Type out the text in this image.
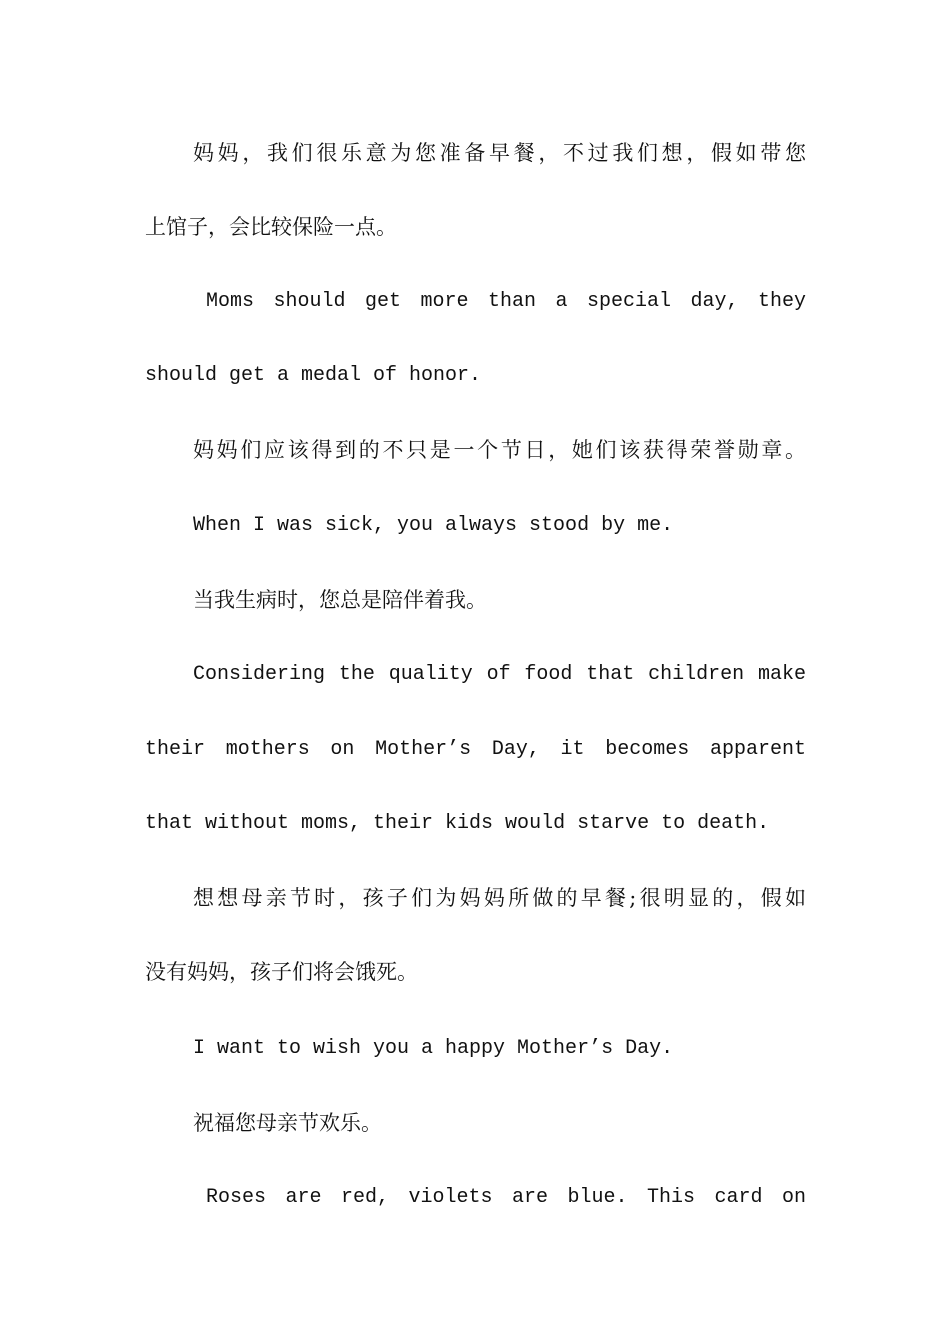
妈妈，我们很乐意为您准备早餐，不过我们想，假如带您
上馆子，会比较保险一点。
Moms should get more than a special day, they
should get a medal of honor.
妈妈们应该得到的不只是一个节日，她们该获得荣誉勋章。
When I was sick, you always stood by me.
当我生病时，您总是陪伴着我。
Considering the quality of food that children make
their mothers on Mother’s Day, it becomes apparent
that without moms, their kids would starve to death.
想想母亲节时，孩子们为妈妈所做的早餐;很明显的，假如
没有妈妈，孩子们将会饿死。
I want to wish you a happy Mother’s Day.
祝福您母亲节欢乐。
Roses are red, violets are blue. This card on
